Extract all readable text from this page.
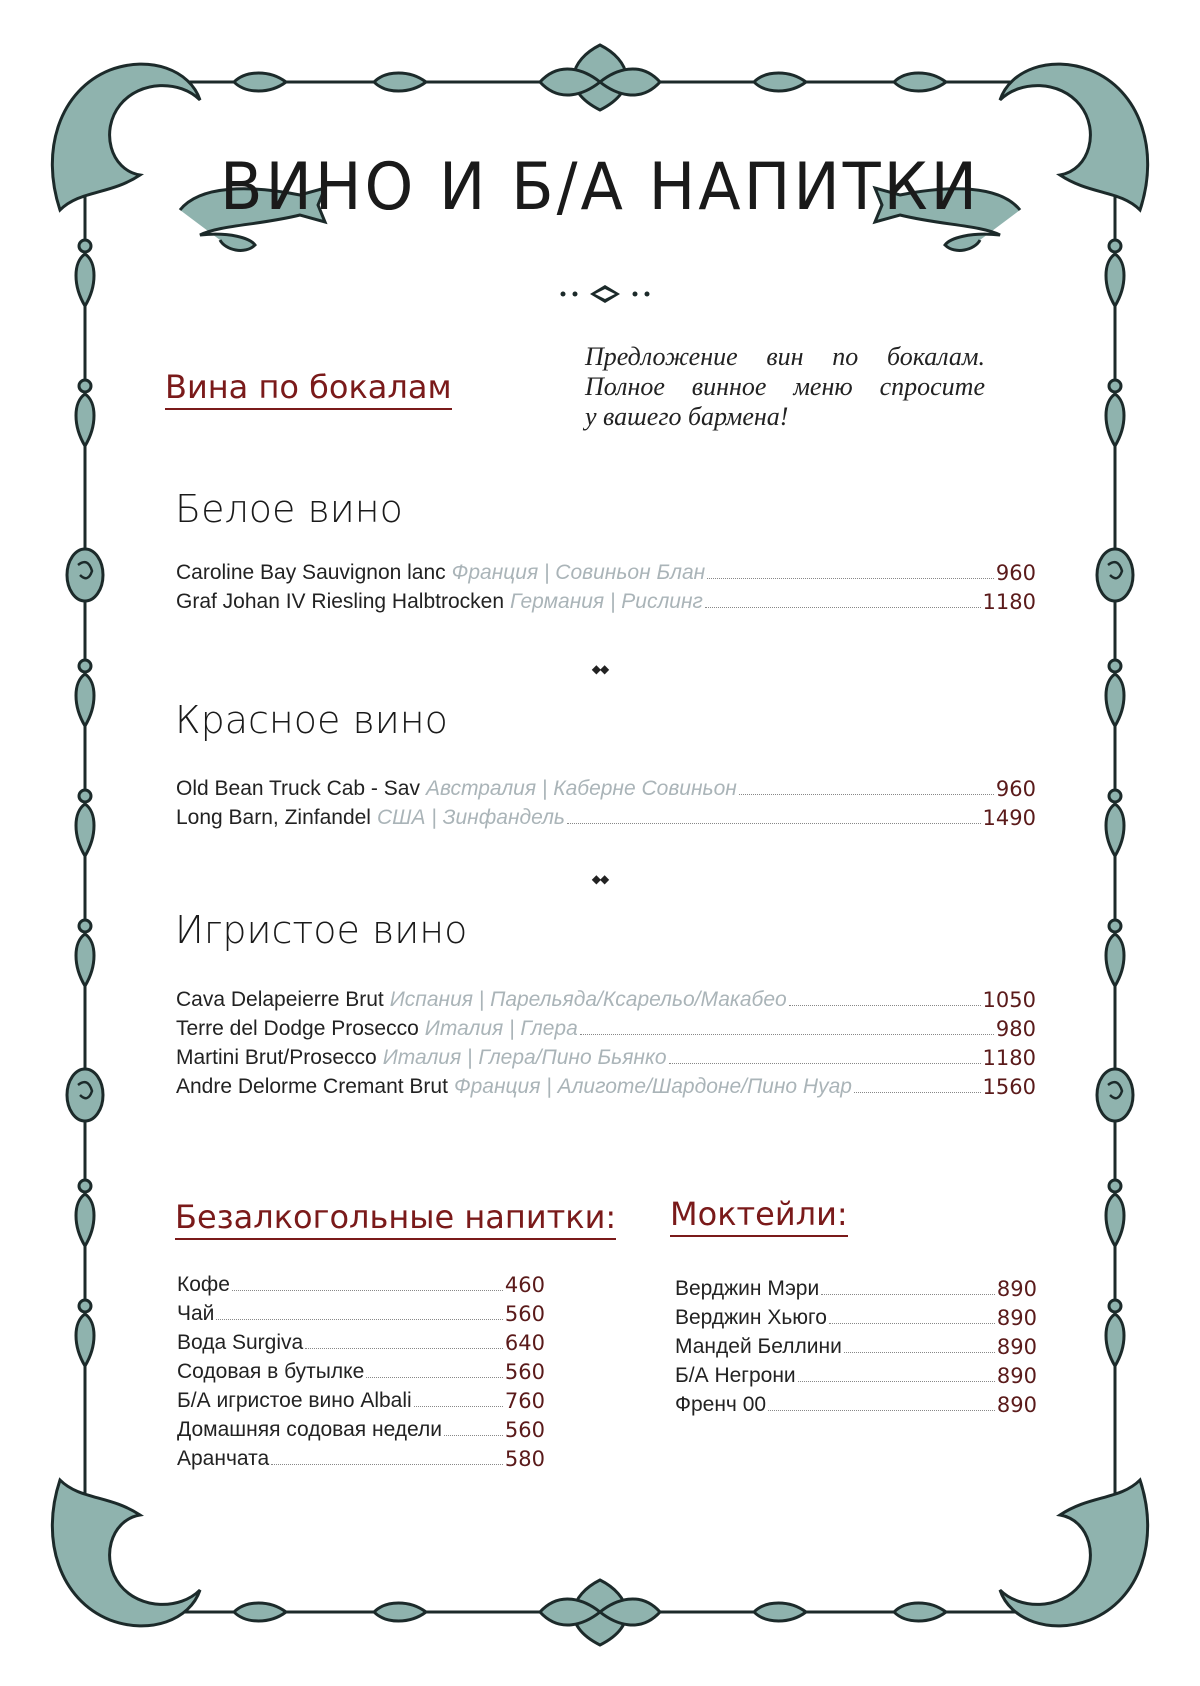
ВИНО И Б/А НАПИТКИ
Вина по бокалам
Предложение вин по бокалам.
Полное винное меню спросите
у вашего бармена!
Белое вино
Caroline Bay Sauvignon lanc Франция | Совиньон Блан	960
Graf Johan IV Riesling Halbtrocken Германия | Рислинг	1180
◆◆
Красное вино
Old Bean Truck Cab - Sav Австралия | Каберне Совиньон	960
Long Barn, Zinfandel США | Зинфандель	1490
◆◆
Игристое вино
Cava Delapeierre Brut Испания | Парельяда/Ксарельо/Макабео	1050
Terre del Dodge Prosecco Италия | Глера	980
Martini Brut/Prosecco Италия | Глера/Пино Бьянко	1180
Andre Delorme Cremant Brut Франция | Алиготе/Шардоне/Пино Нуар	1560
Безалкогольные напитки:
Кофе	460
Чай	560
Вода Surgiva	640
Содовая в бутылке	560
Б/А игристое вино Albali	760
Домашняя содовая недели	560
Аранчата	580
Моктейли:
Верджин Мэри	890
Верджин Хьюго	890
Мандей Беллини	890
Б/А Негрони	890
Френч 00	890
